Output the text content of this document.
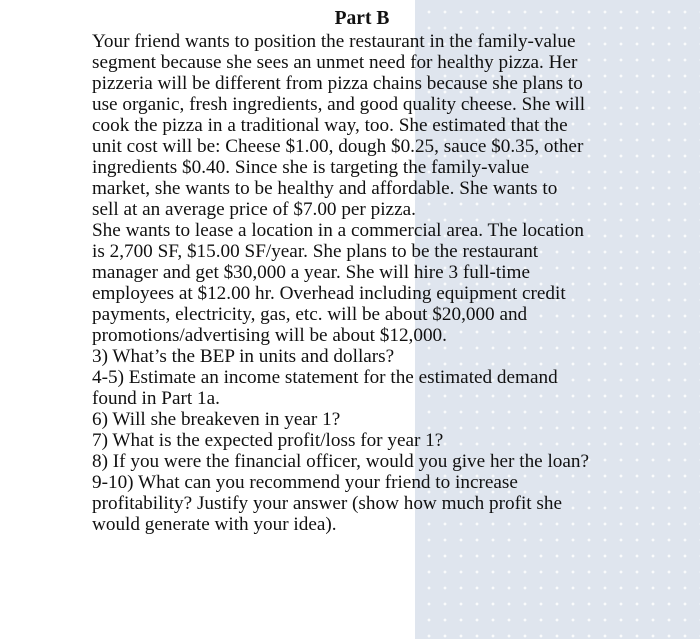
Part B
Your friend wants to position the restaurant in the family-value
segment because she sees an unmet need for healthy pizza. Her
pizzeria will be different from pizza chains because she plans to
use organic, fresh ingredients, and good quality cheese. She will
cook the pizza in a traditional way, too. She estimated that the
unit cost will be: Cheese $1.00, dough $0.25, sauce $0.35, other
ingredients $0.40. Since she is targeting the family-value
market, she wants to be healthy and affordable. She wants to
sell at an average price of $7.00 per pizza.
She wants to lease a location in a commercial area. The location
is 2,700 SF, $15.00 SF/year. She plans to be the restaurant
manager and get $30,000 a year. She will hire 3 full-time
employees at $12.00 hr. Overhead including equipment credit
payments, electricity, gas, etc. will be about $20,000 and
promotions/advertising will be about $12,000.
3) What’s the BEP in units and dollars?
4-5) Estimate an income statement for the estimated demand
found in Part 1a.
6) Will she breakeven in year 1?
7) What is the expected profit/loss for year 1?
8) If you were the financial officer, would you give her the loan?
9-10) What can you recommend your friend to increase
profitability? Justify your answer (show how much profit she
would generate with your idea).
